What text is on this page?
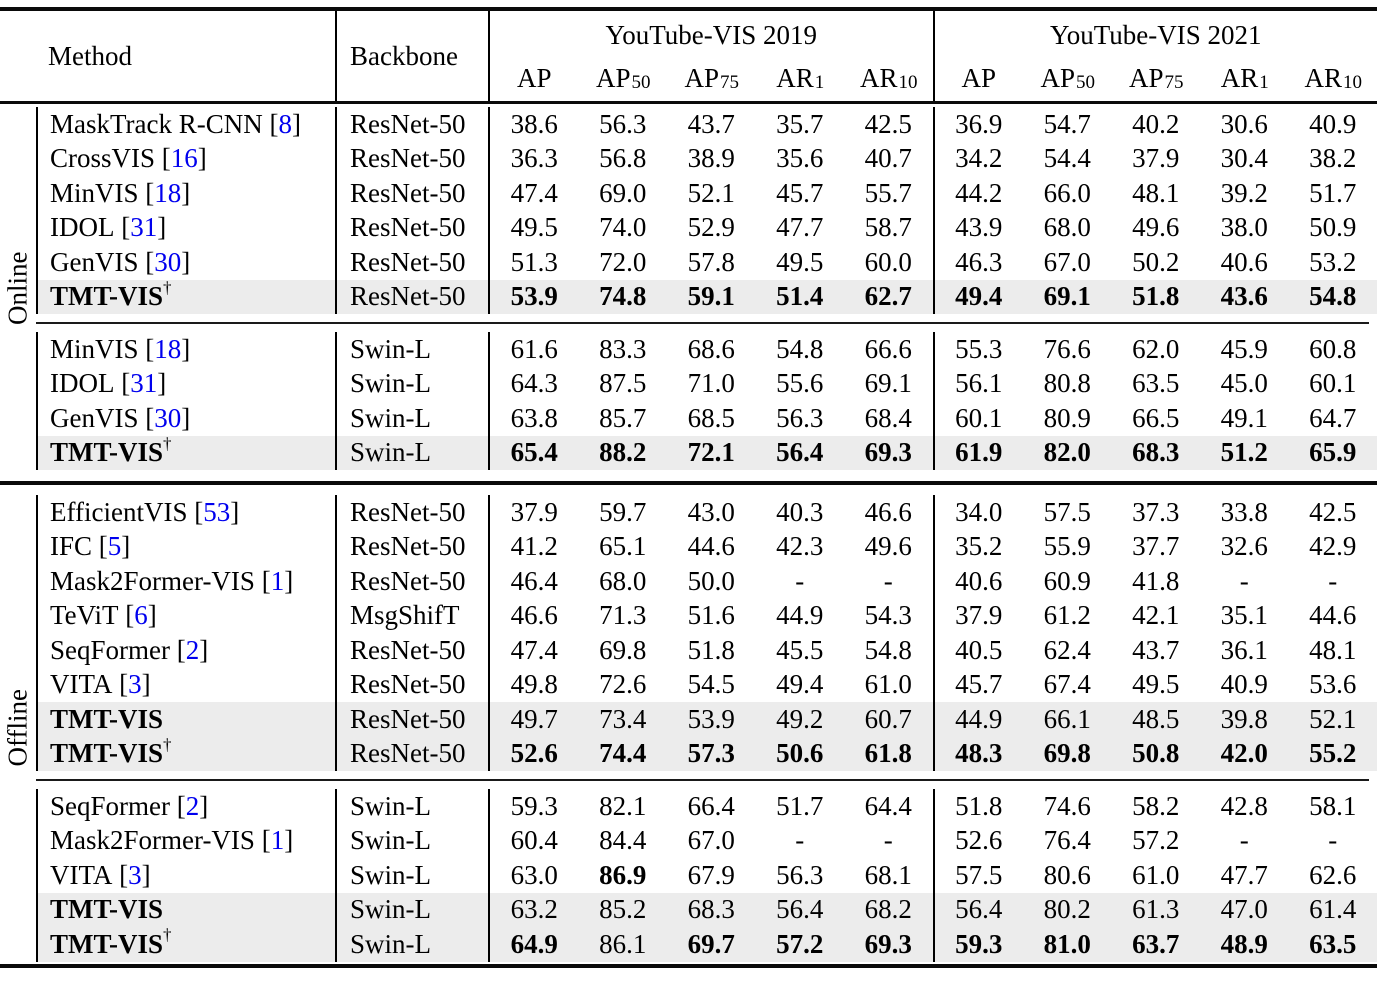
Method	Backbone
YouTube-VIS 2019
AP $AP_{50}$ $AP_{75}$ $AR_1$ $AR_{10}$
YouTube-VIS 2021
AP $AP_{50}$ $AP_{75}$ $AR_1$ $AR_{10}$
Online
MaskTrack R-CNN [ 8 ]	ResNet-50	38.6	56.3	43.7	35.7	42.5	36.9	54.7	40.2	30.6	40.9
CrossVIS [ 16 ]	ResNet-50	36.3	56.8	38.9	35.6	40.7	34.2	54.4	37.9	30.4	38.2
MinVIS [ 18 ]	ResNet-50	47.4	69.0	52.1	45.7	55.7	44.2	66.0	48.1	39.2	51.7
IDOL [ 31 ]	ResNet-50	49.5	74.0	52.9	47.7	58.7	43.9	68.0	49.6	38.0	50.9
GenVIS [ 30 ]	ResNet-50	51.3	72.0	57.8	49.5	60.0	46.3	67.0	50.2	40.6	53.2
TMT-VIS†	ResNet-50	53.9	74.8	59.1	51.4	62.7	49.4	69.1	51.8	43.6	54.8
MinVIS [ 18 ]	Swin-L	61.6	83.3	68.6	54.8	66.6	55.3	76.6	62.0	45.9	60.8
IDOL [ 31 ]	Swin-L	64.3	87.5	71.0	55.6	69.1	56.1	80.8	63.5	45.0	60.1
GenVIS [ 30 ]	Swin-L	63.8	85.7	68.5	56.3	68.4	60.1	80.9	66.5	49.1	64.7
TMT-VIS†	Swin-L	65.4	88.2	72.1	56.4	69.3	61.9	82.0	68.3	51.2	65.9
Offline
EfficientVIS [ 53 ]	ResNet-50	37.9	59.7	43.0	40.3	46.6	34.0	57.5	37.3	33.8	42.5
IFC [ 5 ]	ResNet-50	41.2	65.1	44.6	42.3	49.6	35.2	55.9	37.7	32.6	42.9
Mask2Former-VIS [ 1 ]	ResNet-50	46.4	68.0	50.0	-	-	40.6	60.9	41.8	-	-
TeViT [ 6 ]	MsgShifT	46.6	71.3	51.6	44.9	54.3	37.9	61.2	42.1	35.1	44.6
SeqFormer [ 2 ]	ResNet-50	47.4	69.8	51.8	45.5	54.8	40.5	62.4	43.7	36.1	48.1
VITA [ 3 ]	ResNet-50	49.8	72.6	54.5	49.4	61.0	45.7	67.4	49.5	40.9	53.6
TMT-VIS	ResNet-50	49.7	73.4	53.9	49.2	60.7	44.9	66.1	48.5	39.8	52.1
TMT-VIS†	ResNet-50	52.6	74.4	57.3	50.6	61.8	48.3	69.8	50.8	42.0	55.2
SeqFormer [ 2 ]	Swin-L	59.3	82.1	66.4	51.7	64.4	51.8	74.6	58.2	42.8	58.1
Mask2Former-VIS [ 1 ]	Swin-L	60.4	84.4	67.0	-	-	52.6	76.4	57.2	-	-
VITA [ 3 ]	Swin-L	63.0	86.9	67.9	56.3	68.1	57.5	80.6	61.0	47.7	62.6
TMT-VIS	Swin-L	63.2	85.2	68.3	56.4	68.2	56.4	80.2	61.3	47.0	61.4
TMT-VIS†	Swin-L	64.9	86.1	69.7	57.2	69.3	59.3	81.0	63.7	48.9	63.5
